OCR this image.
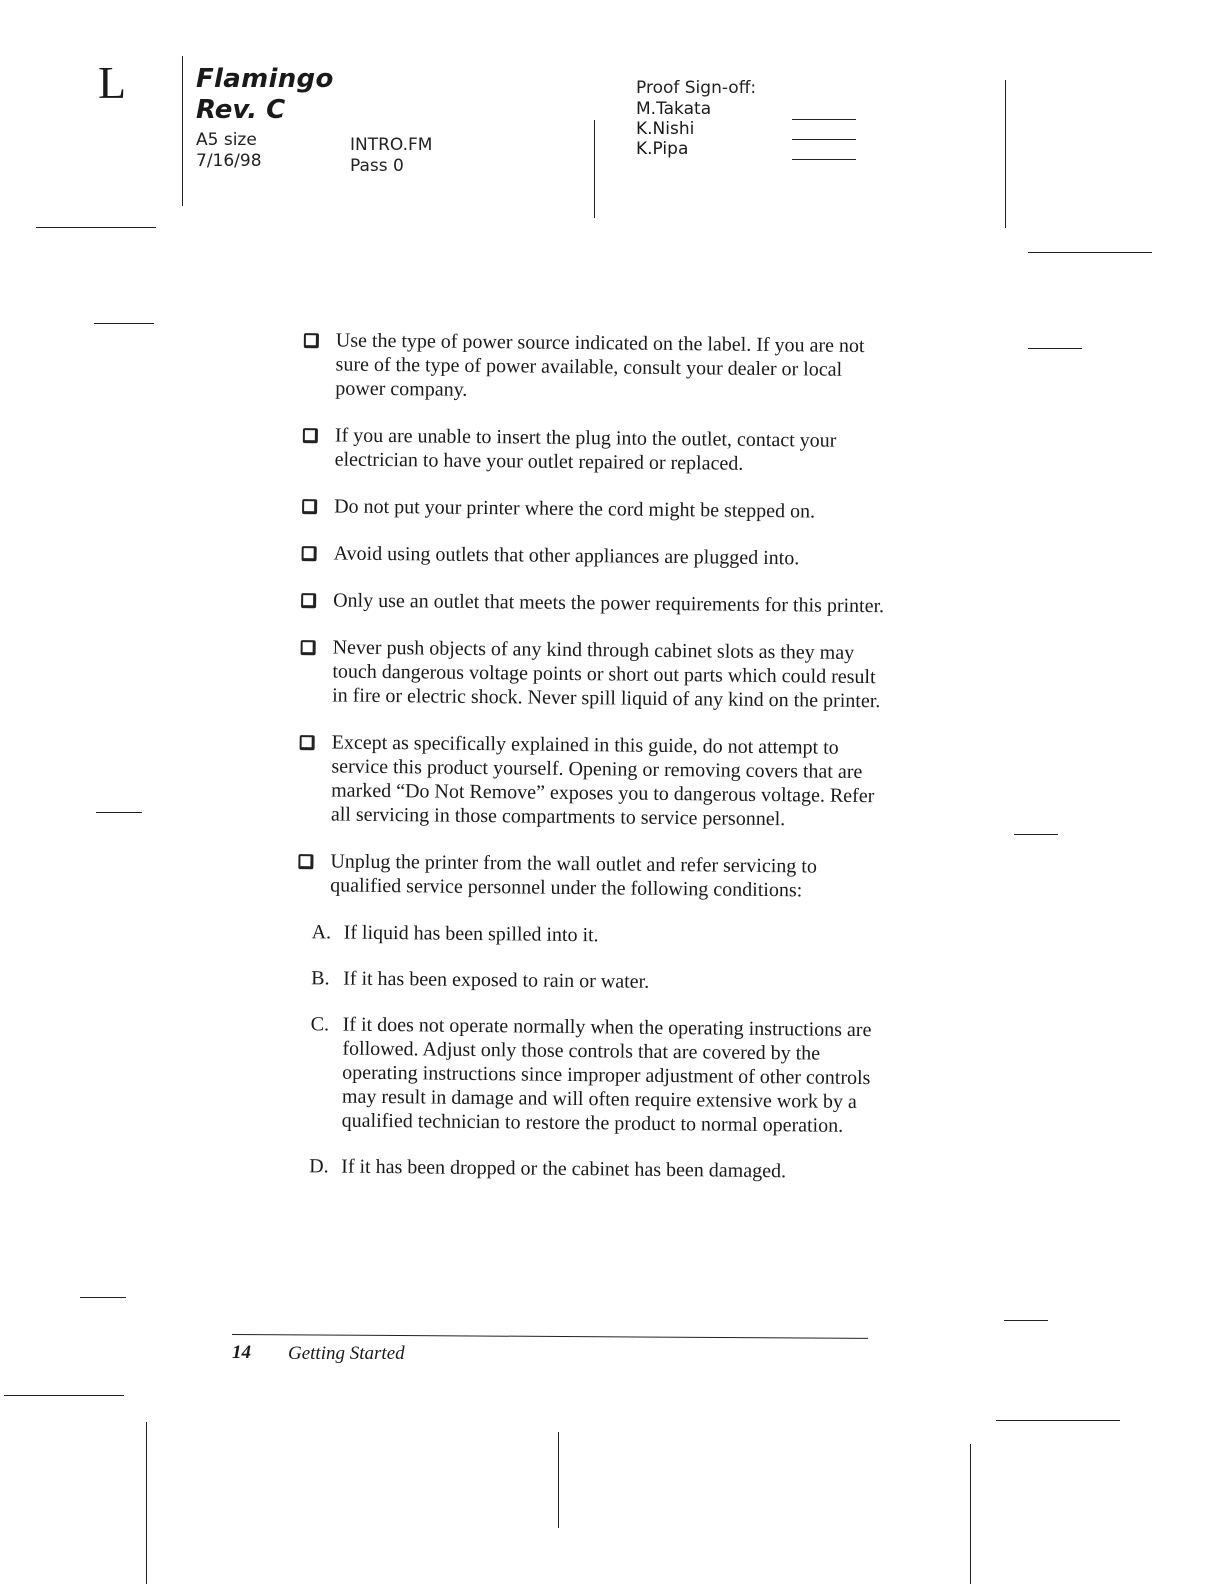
L	Flamingo
Rev. C
A5 size
7/16/98
INTRO.FM
Pass 0
Proof Sign-off:
M.Takata
K.Nishi
K.Pipa
Use the type of power source indicated on the label. If you are not sure of the type of power available, consult your dealer or local power company.
If you are unable to insert the plug into the outlet, contact your electrician to have your outlet repaired or replaced.
Do not put your printer where the cord might be stepped on.
Avoid using outlets that other appliances are plugged into.
Only use an outlet that meets the power requirements for this printer.
Never push objects of any kind through cabinet slots as they may touch dangerous voltage points or short out parts which could result in fire or electric shock. Never spill liquid of any kind on the printer.
Except as specifically explained in this guide, do not attempt to service this product yourself. Opening or removing covers that are marked “Do Not Remove” exposes you to dangerous voltage. Refer all servicing in those compartments to service personnel.
Unplug the printer from the wall outlet and refer servicing to qualified service personnel under the following conditions:
A. If liquid has been spilled into it.
B. If it has been exposed to rain or water.
C. If it does not operate normally when the operating instructions are followed. Adjust only those controls that are covered by the operating instructions since improper adjustment of other controls may result in damage and will often require extensive work by a qualified technician to restore the product to normal operation.
D. If it has been dropped or the cabinet has been damaged.
14 Getting Started
